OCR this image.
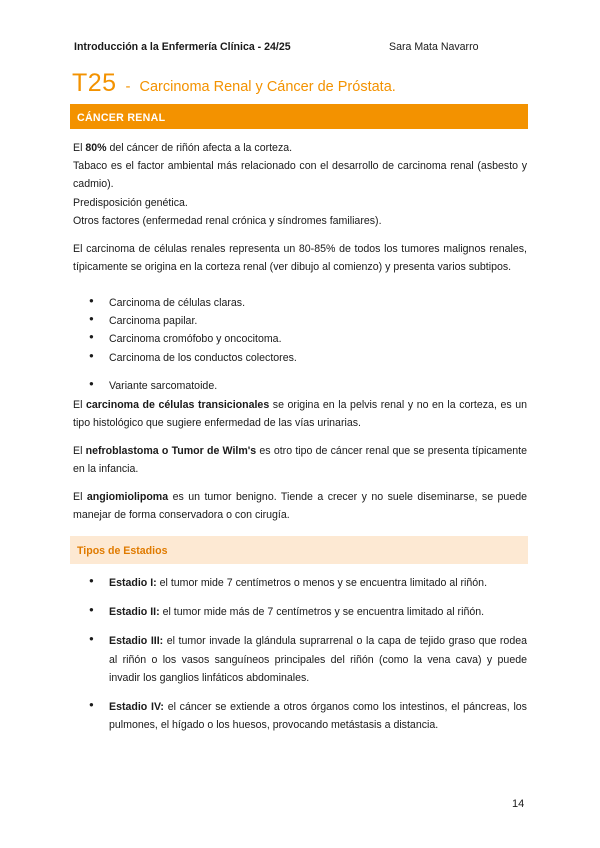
Introducción a la Enfermería Clínica - 24/25	Sara Mata Navarro
T25 - Carcinoma Renal y Cáncer de Próstata.
CÁNCER RENAL

El 80% del cáncer de riñón afecta a la corteza.

Tabaco es el factor ambiental más relacionado con el desarrollo de carcinoma renal (asbesto y cadmio).

Predisposición genética.

Otros factores (enfermedad renal crónica y síndromes familiares).

El carcinoma de células renales representa un 80-85% de todos los tumores malignos renales, típicamente se origina en la corteza renal (ver dibujo al comienzo) y presenta varios subtipos.

● Carcinoma de células claras.
● Carcinoma papilar.
● Carcinoma cromófobo y oncocitoma.
● Carcinoma de los conductos colectores.
● Variante sarcomatoide.

El carcinoma de células transicionales se origina en la pelvis renal y no en la corteza, es un tipo histológico que sugiere enfermedad de las vías urinarias.

El nefroblastoma o Tumor de Wilm's es otro tipo de cáncer renal que se presenta típicamente en la infancia.

El angiomiolipoma es un tumor benigno. Tiende a crecer y no suele diseminarse, se puede manejar de forma conservadora o con cirugía.

Tipos de Estadios
● Estadio I: el tumor mide 7 centímetros o menos y se encuentra limitado al riñón.
● Estadio II: el tumor mide más de 7 centímetros y se encuentra limitado al riñón.
● Estadio III: el tumor invade la glándula suprarrenal o la capa de tejido graso que rodea al riñón o los vasos sanguíneos principales del riñón (como la vena cava) y puede invadir los ganglios linfáticos abdominales.
● Estadio IV: el cáncer se extiende a otros órganos como los intestinos, el páncreas, los pulmones, el hígado o los huesos, provocando metástasis a distancia.
14
